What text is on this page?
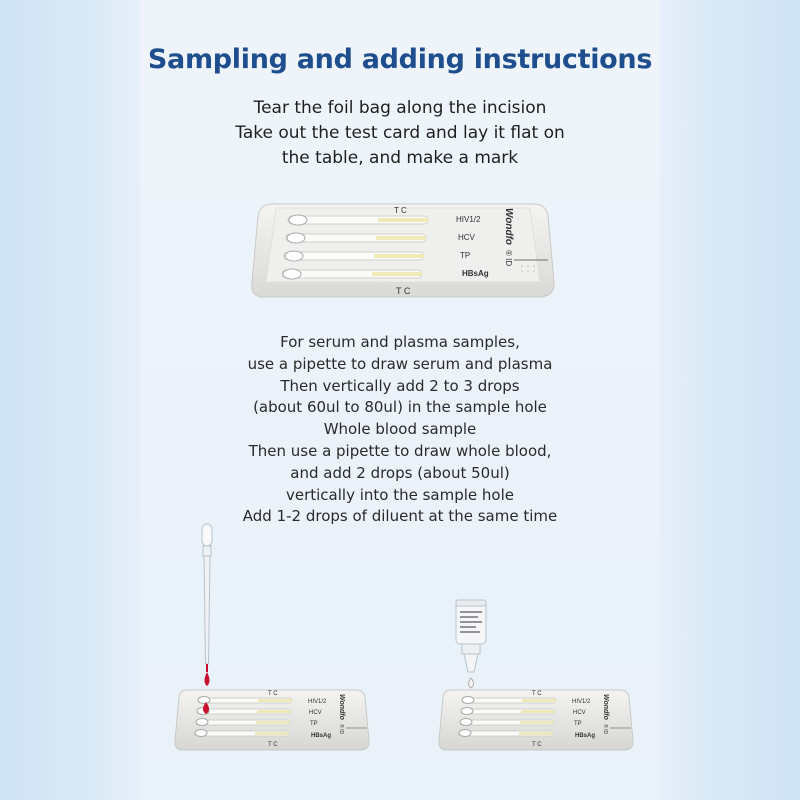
Sampling and adding instructions
Tear the foil bag along the incision
Take out the test card and lay it flat on
the table, and make a mark
T C
T C
HIV1/2
HCV
TP
HBsAg
Wondfo
® ID
For serum and plasma samples,
use a pipette to draw serum and plasma
Then vertically add 2 to 3 drops
(about 60ul to 80ul) in the sample hole
Whole blood sample
Then use a pipette to draw whole blood,
and add 2 drops (about 50ul)
vertically into the sample hole
Add 1-2 drops of diluent at the same time
T C
T C
HIV1/2
HCV
TP
HBsAg
Wondfo
® ID
T C
T C
HIV1/2
HCV
TP
HBsAg
Wondfo
® ID
